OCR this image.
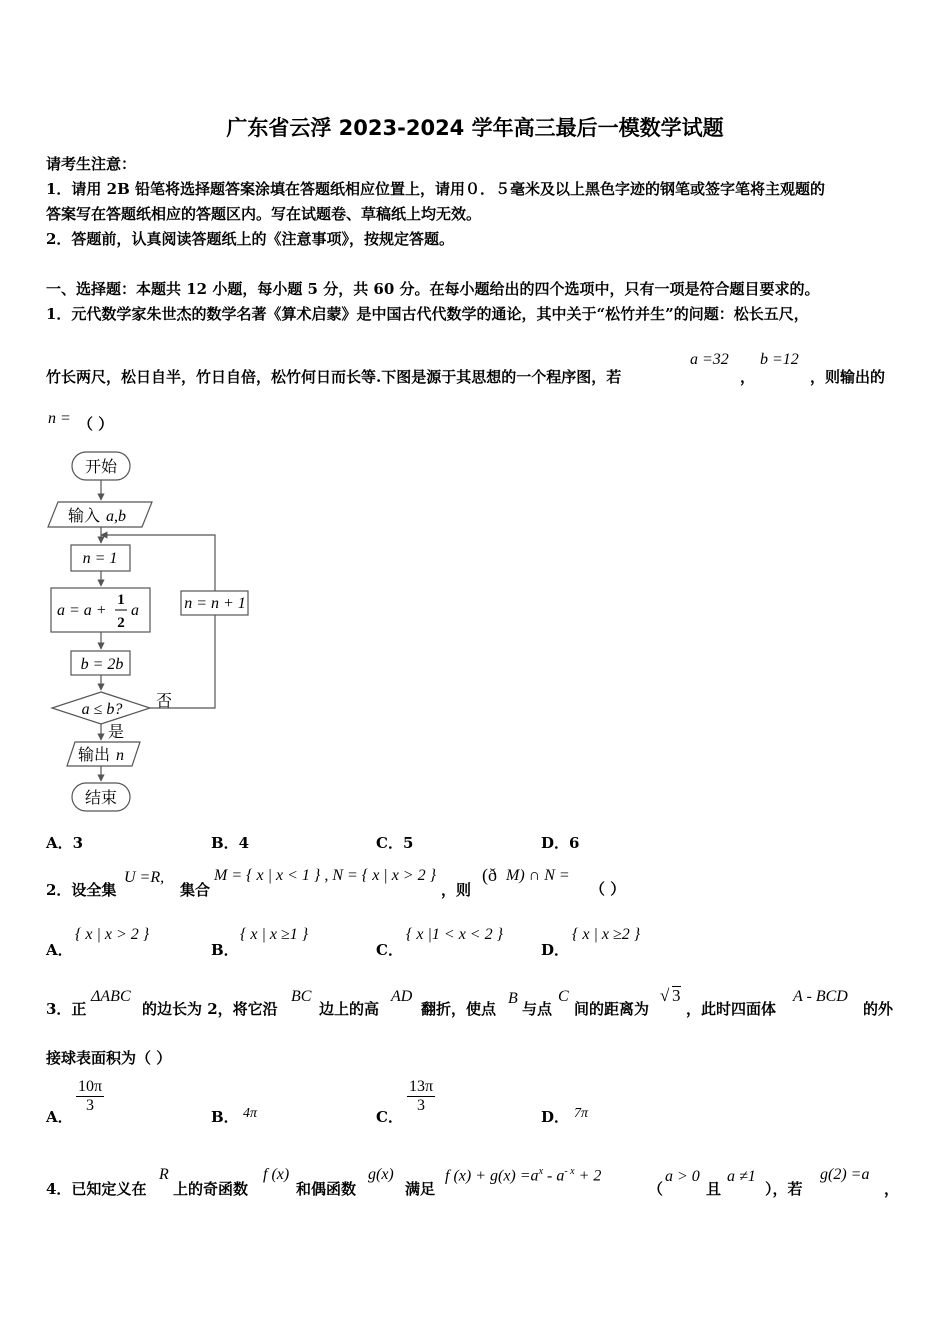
广东省云浮 2023-2024 学年高三最后一模数学试题
请考生注意：
1．请用 2B 铅笔将选择题答案涂填在答题纸相应位置上，请用０．５毫米及以上黑色字迹的钢笔或签字笔将主观题的
答案写在答题纸相应的答题区内。写在试题卷、草稿纸上均无效。
2．答题前，认真阅读答题纸上的《注意事项》，按规定答题。
一、选择题：本题共 12 小题，每小题 5 分，共 60 分。在每小题给出的四个选项中，只有一项是符合题目要求的。
1．元代数学家朱世杰的数学名著《算术启蒙》是中国古代代数学的通论，其中关于“松竹并生”的问题：松长五尺，
竹长两尺，松日自半，竹日自倍，松竹何日而长等.下图是源于其思想的一个程序图，若
a =32
，
b =12
，则输出的
n = （ ）
开始
输入 a,b
n = 1
a = a +
1
2
a
b = 2b
a ≤ b? 否
n = n + 1
是
输出 n
结束
A．3	B．4	C．5	D．6
2．设全集
U =R,
集合
M = { x | x < 1 } , N = { x | x > 2 }
，则
(ð M) ∩ N =
（ ）
A．
{ x | x > 2 }
B．
{ x | x ≥1 }
C．
{ x |1 < x < 2 }
D．
{ x | x ≥2 }
3．正
ΔABC
的边长为 2，将它沿
BC
边上的高
AD
翻折，使点
B
与点
C
间的距离为
√ 3
，此时四面体
A - BCD
的外
接球表面积为（ ）
A．
$\frac{10\pi}{3}$
B． 4π	C．
$\frac{13\pi}{3}$
D． 7π
4．已知定义在
R
上的奇函数
f (x)
和偶函数
g(x)
满足
f $(x) + g(x) =a^x - a^{- x} + 2$
（
a > 0
且
a ≠1
），若
g(2) =a
，
